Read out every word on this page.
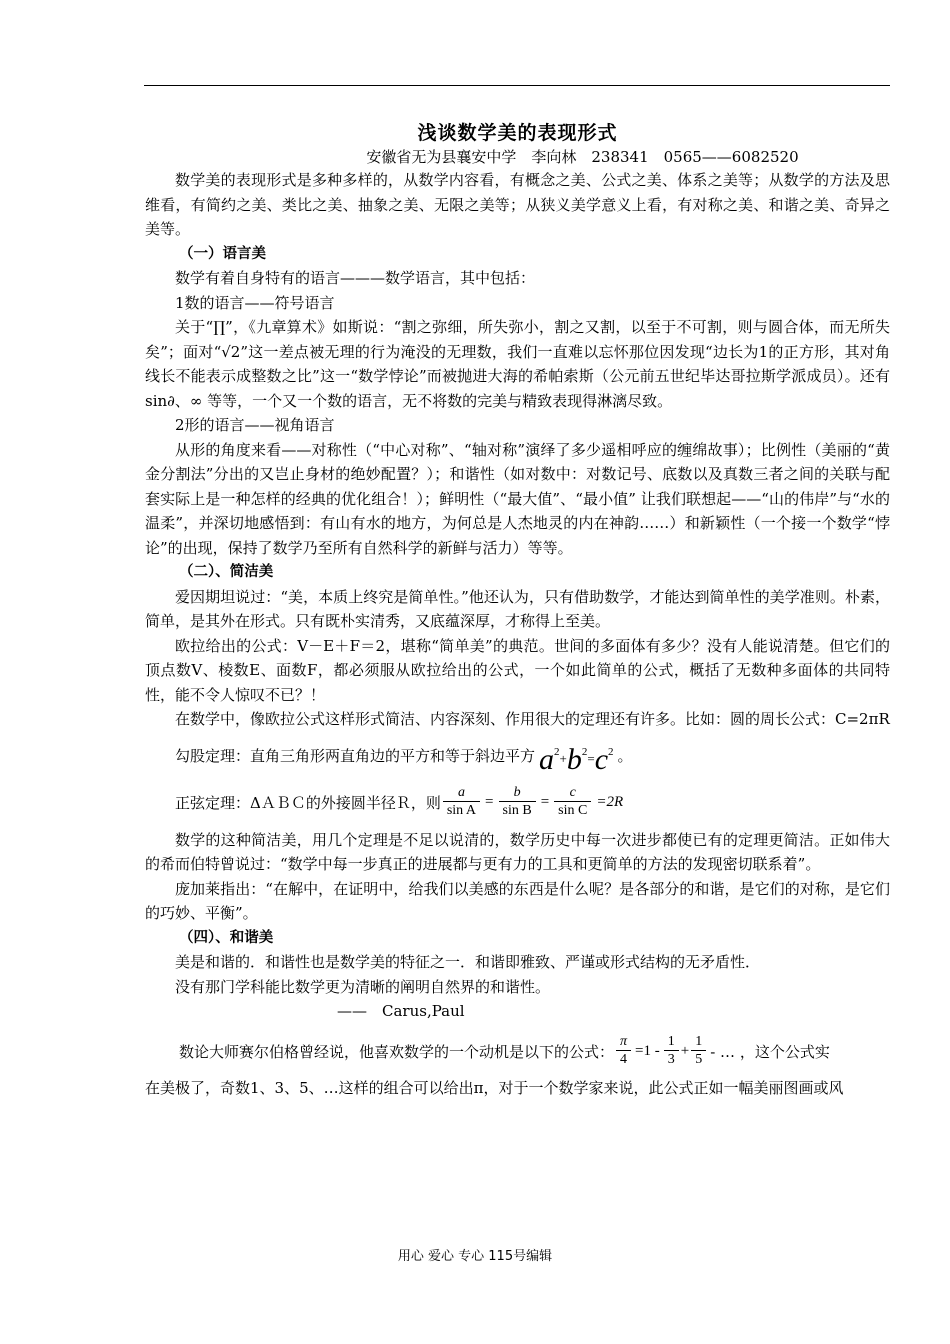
浅谈数学美的表现形式

安徽省无为县襄安中学　李向林　238341　0565——6082520

数学美的表现形式是多种多样的，从数学内容看，有概念之美、公式之美、体系之美等；从数学的方法及思维看，有简约之美、类比之美、抽象之美、无限之美等；从狭义美学意义上看，有对称之美、和谐之美、奇异之美等。

（一）语言美

数学有着自身特有的语言———数学语言，其中包括：

1数的语言——符号语言

关于“∏”，《九章算术》如斯说：“割之弥细，所失弥小，割之又割，以至于不可割，则与圆合体，而无所失矣”；面对“√2”这一差点被无理的行为淹没的无理数，我们一直难以忘怀那位因发现“边长为1的正方形，其对角线长不能表示成整数之比”这一“数学悖论”而被抛进大海的希帕索斯（公元前五世纪毕达哥拉斯学派成员）。还有sin∂、∞ 等等，一个又一个数的语言，无不将数的完美与精致表现得淋漓尽致。

2形的语言——视角语言

从形的角度来看——对称性（“中心对称”、“轴对称”演绎了多少遥相呼应的缠绵故事）；比例性（美丽的“黄金分割法”分出的又岂止身材的绝妙配置？）；和谐性（如对数中：对数记号、底数以及真数三者之间的关联与配套实际上是一种怎样的经典的优化组合！）；鲜明性（“最大值”、“最小值” 让我们联想起——“山的伟岸”与“水的温柔”，并深切地感悟到：有山有水的地方，为何总是人杰地灵的内在神韵……）和新颖性（一个接一个数学“悖论”的出现，保持了数学乃至所有自然科学的新鲜与活力）等等。

（二）、简洁美

爱因期坦说过：“美，本质上终究是简单性。”他还认为，只有借助数学，才能达到简单性的美学准则。朴素，简单，是其外在形式。只有既朴实清秀，又底蕴深厚，才称得上至美。

欧拉给出的公式：V－E＋F＝2，堪称“简单美”的典范。世间的多面体有多少？没有人能说清楚。但它们的顶点数V、棱数E、面数F，都必须服从欧拉给出的公式，一个如此简单的公式，概括了无数种多面体的共同特性，能不令人惊叹不已？！

在数学中，像欧拉公式这样形式简洁、内容深刻、作用很大的定理还有许多。比如：圆的周长公式：C=2πR

勾股定理：直角三角形两直角边的平方和等于斜边平方 $a^{2+}b^{2=}c^2$ 。
正弦定理：ΔＡＢＣ的外接圆半径Ｒ，则 $\frac{a}{\text{sin A}} = \frac{b}{\text{sin B}} = \frac{c}{\text{sin C}} =2R$

数学的这种简洁美，用几个定理是不足以说清的，数学历史中每一次进步都使已有的定理更简洁。正如伟大的希而伯特曾说过：“数学中每一步真正的进展都与更有力的工具和更简单的方法的发现密切联系着”。

庞加莱指出：“在解中，在证明中，给我们以美感的东西是什么呢？是各部分的和谐，是它们的对称，是它们的巧妙、平衡”。

（四）、和谐美

美是和谐的．和谐性也是数学美的特征之一．和谐即雅致、严谨或形式结构的无矛盾性．

没有那门学科能比数学更为清晰的阐明自然界的和谐性。

——　Carus,Paul

数论大师赛尔伯格曾经说，他喜欢数学的一个动机是以下的公式： $\frac{\pi}{4} =1 - \frac{1}{3} + \frac{1}{5}$ - … ，这个公式实

在美极了，奇数1、3、5、…这样的组合可以给出π，对于一个数学家来说，此公式正如一幅美丽图画或风

用心 爱心 专心 115号编辑
